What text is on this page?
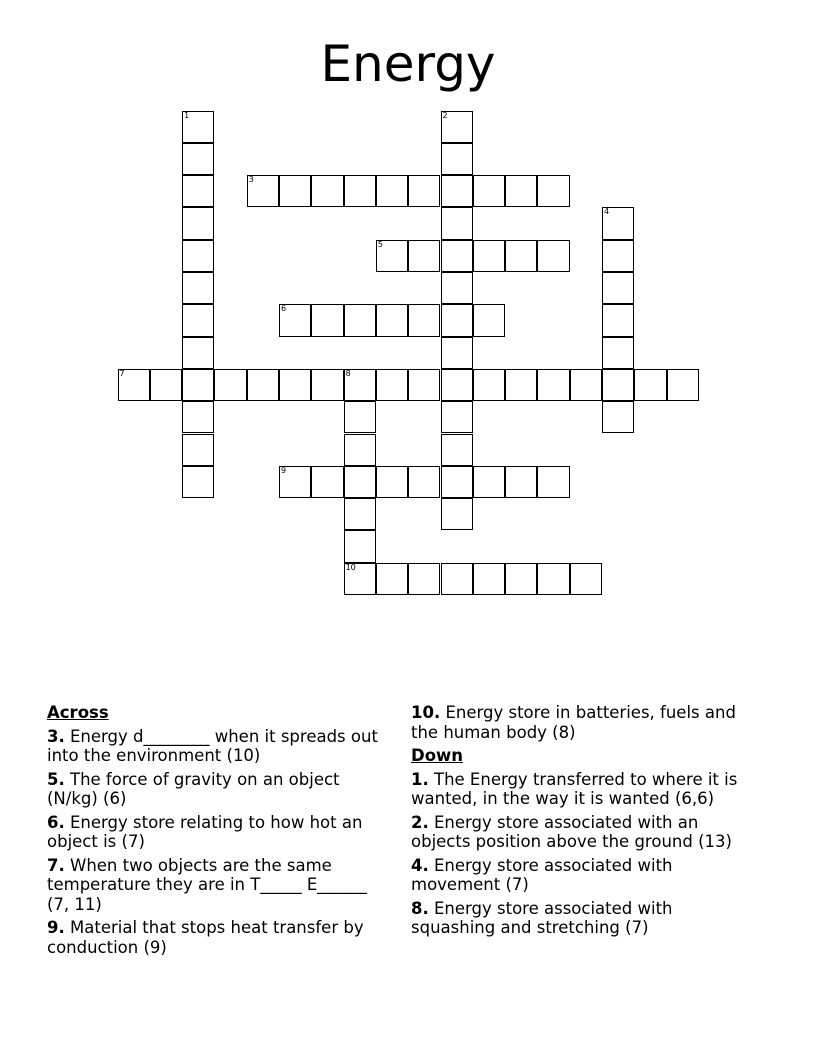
Energy
1	2
3
4
5
6
7	8
10
9
Across
3. Energy d________ when it spreads out into the environment (10)
5. The force of gravity on an object (N/kg) (6)
6. Energy store relating to how hot an object is (7)
7. When two objects are the same temperature they are in T_____ E______ (7, 11)
9. Material that stops heat transfer by conduction (9)
10. Energy store in batteries, fuels and the human body (8)
Down
1. The Energy transferred to where it is wanted, in the way it is wanted (6,6)
2. Energy store associated with an objects position above the ground (13)
4. Energy store associated with movement (7)
8. Energy store associated with squashing and stretching (7)
